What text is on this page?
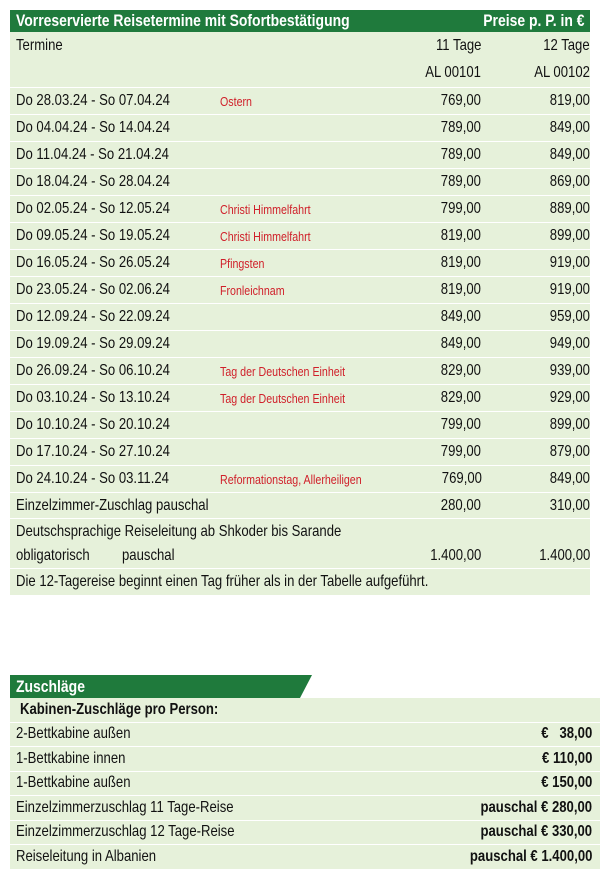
Vorreservierte Reisetermine mit Sofortbestätigung	Preise p. P. in €
Termine	11 Tage	12 Tage
AL 00101	AL 00102
Do 28.03.24 - So 07.04.24	Ostern	769,00	819,00
Do 04.04.24 - So 14.04.24	789,00	849,00
Do 11.04.24 - So 21.04.24	789,00	849,00
Do 18.04.24 - So 28.04.24	789,00	869,00
Do 02.05.24 - So 12.05.24	Christi Himmelfahrt	799,00	889,00
Do 09.05.24 - So 19.05.24	Christi Himmelfahrt	819,00	899,00
Do 16.05.24 - So 26.05.24	Pfingsten	819,00	919,00
Do 23.05.24 - So 02.06.24	Fronleichnam	819,00	919,00
Do 12.09.24 - So 22.09.24	849,00	959,00
Do 19.09.24 - So 29.09.24	849,00	949,00
Do 26.09.24 - So 06.10.24	Tag der Deutschen Einheit	829,00	939,00
Do 03.10.24 - So 13.10.24	Tag der Deutschen Einheit	829,00	929,00
Do 10.10.24 - So 20.10.24	799,00	899,00
Do 17.10.24 - So 27.10.24	799,00	879,00
Do 24.10.24 - So 03.11.24	Reformationstag, Allerheiligen	769,00	849,00
Einzelzimmer-Zuschlag pauschal	280,00	310,00
Deutschsprachige Reiseleitung ab Shkoder bis Sarande
obligatorisch pauschal	1.400,00	1.400,00
Die 12-Tagereise beginnt einen Tag früher als in der Tabelle aufgeführt.
Zuschläge
Kabinen-Zuschläge pro Person:
2-Bettkabine außen	€   38,00
1-Bettkabine innen	€ 110,00
1-Bettkabine außen	€ 150,00
Einzelzimmerzuschlag 11 Tage-Reise	pauschal € 280,00
Einzelzimmerzuschlag 12 Tage-Reise	pauschal € 330,00
Reiseleitung in Albanien	pauschal € 1.400,00
